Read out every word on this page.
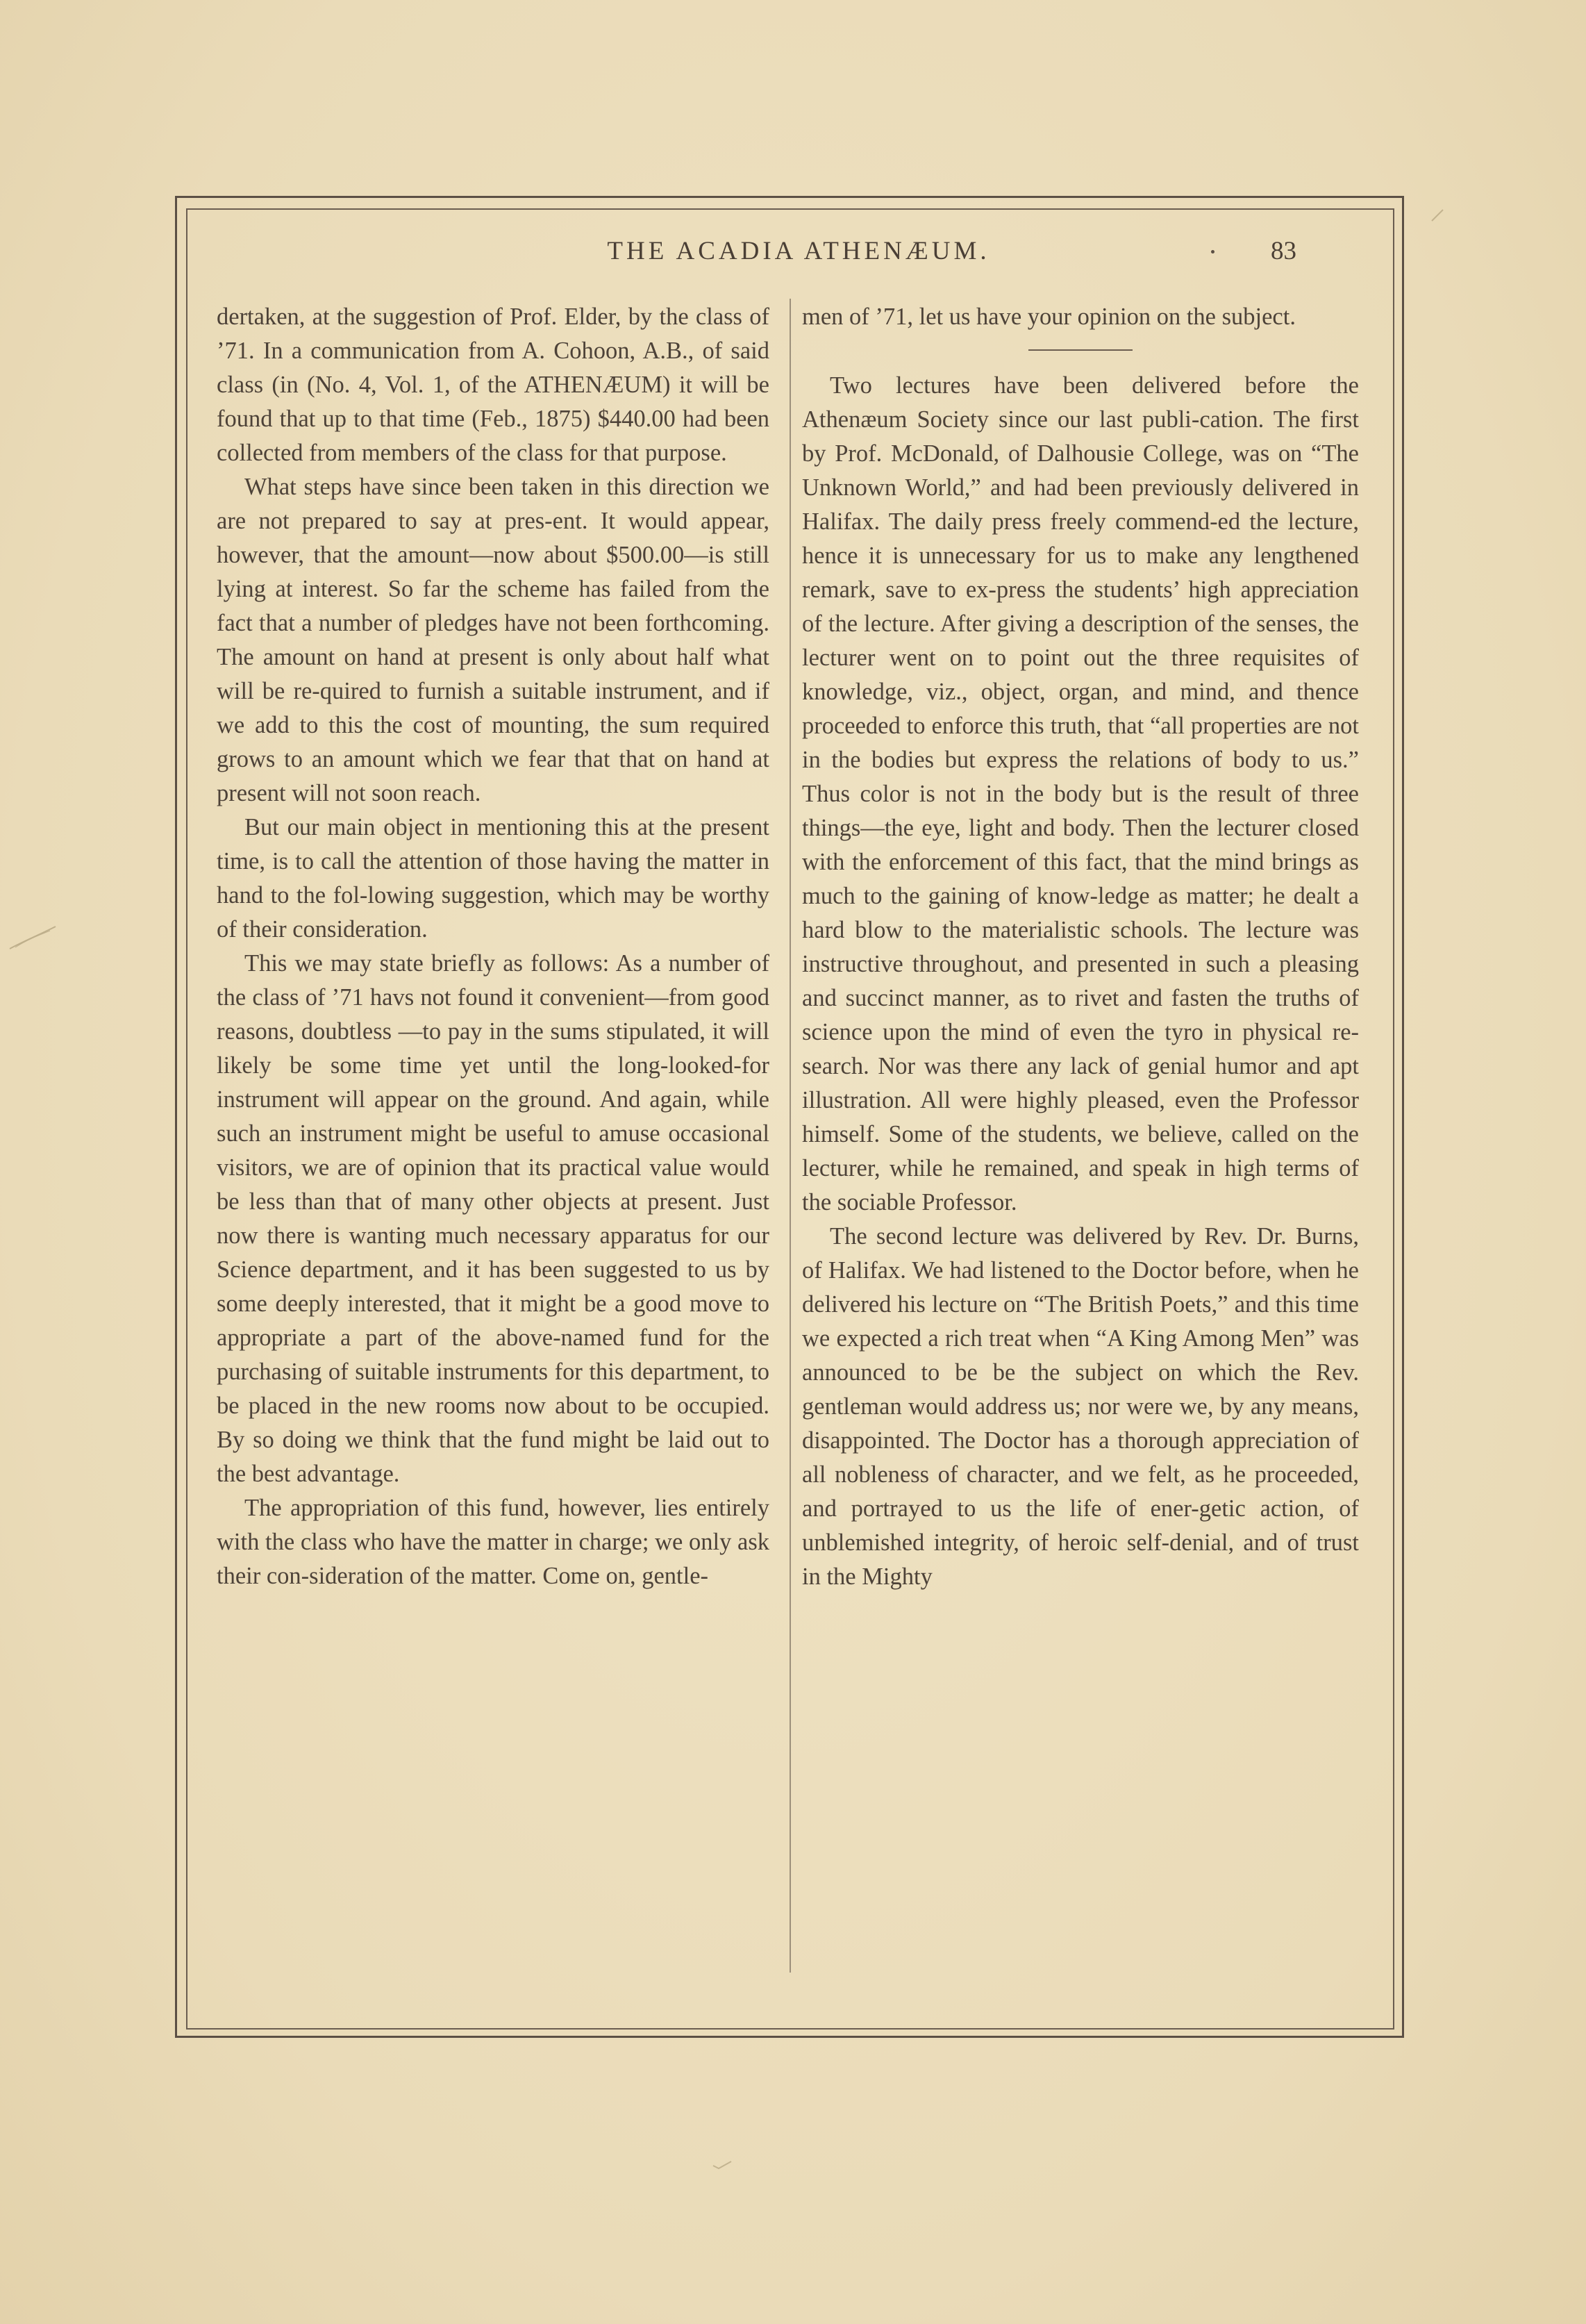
THE ACADIA ATHENÆUM.	83

dertaken, at the suggestion of Prof. Elder, by the class of ’71. In a communication from A. Cohoon, A.B., of said class (in (No. 4, Vol. 1, of the ATHENÆUM) it will be found that up to that time (Feb., 1875) $440.00 had been collected from members of the class for that purpose.

What steps have since been taken in this direction we are not prepared to say at pres-ent. It would appear, however, that the amount—now about $500.00—is still lying at interest. So far the scheme has failed from the fact that a number of pledges have not been forthcoming. The amount on hand at present is only about half what will be re-quired to furnish a suitable instrument, and if we add to this the cost of mounting, the sum required grows to an amount which we fear that that on hand at present will not soon reach.

But our main object in mentioning this at the present time, is to call the attention of those having the matter in hand to the fol-lowing suggestion, which may be worthy of their consideration.

This we may state briefly as follows: As a number of the class of ’71 havs not found it convenient—from good reasons, doubtless —to pay in the sums stipulated, it will likely be some time yet until the long-looked-for instrument will appear on the ground. And again, while such an instrument might be useful to amuse occasional visitors, we are of opinion that its practical value would be less than that of many other objects at present. Just now there is wanting much necessary apparatus for our Science department, and it has been suggested to us by some deeply interested, that it might be a good move to appropriate a part of the above-named fund for the purchasing of suitable instruments for this department, to be placed in the new rooms now about to be occupied. By so doing we think that the fund might be laid out to the best advantage.

The appropriation of this fund, however, lies entirely with the class who have the matter in charge; we only ask their con-sideration of the matter. Come on, gentle-

men of ’71, let us have your opinion on the subject.

Two lectures have been delivered before the Athenæum Society since our last publi-cation. The first by Prof. McDonald, of Dalhousie College, was on “The Unknown World,” and had been previously delivered in Halifax. The daily press freely commend-ed the lecture, hence it is unnecessary for us to make any lengthened remark, save to ex-press the students’ high appreciation of the lecture. After giving a description of the senses, the lecturer went on to point out the three requisites of knowledge, viz., object, organ, and mind, and thence proceeded to enforce this truth, that “all properties are not in the bodies but express the relations of body to us.” Thus color is not in the body but is the result of three things—the eye, light and body. Then the lecturer closed with the enforcement of this fact, that the mind brings as much to the gaining of know-ledge as matter; he dealt a hard blow to the materialistic schools. The lecture was instructive throughout, and presented in such a pleasing and succinct manner, as to rivet and fasten the truths of science upon the mind of even the tyro in physical re-search. Nor was there any lack of genial humor and apt illustration. All were highly pleased, even the Professor himself. Some of the students, we believe, called on the lecturer, while he remained, and speak in high terms of the sociable Professor.

The second lecture was delivered by Rev. Dr. Burns, of Halifax. We had listened to the Doctor before, when he delivered his lecture on “The British Poets,” and this time we expected a rich treat when “A King Among Men” was announced to be be the subject on which the Rev. gentleman would address us; nor were we, by any means, disappointed. The Doctor has a thorough appreciation of all nobleness of character, and we felt, as he proceeded, and portrayed to us the life of ener-getic action, of unblemished integrity, of heroic self-denial, and of trust in the Mighty
